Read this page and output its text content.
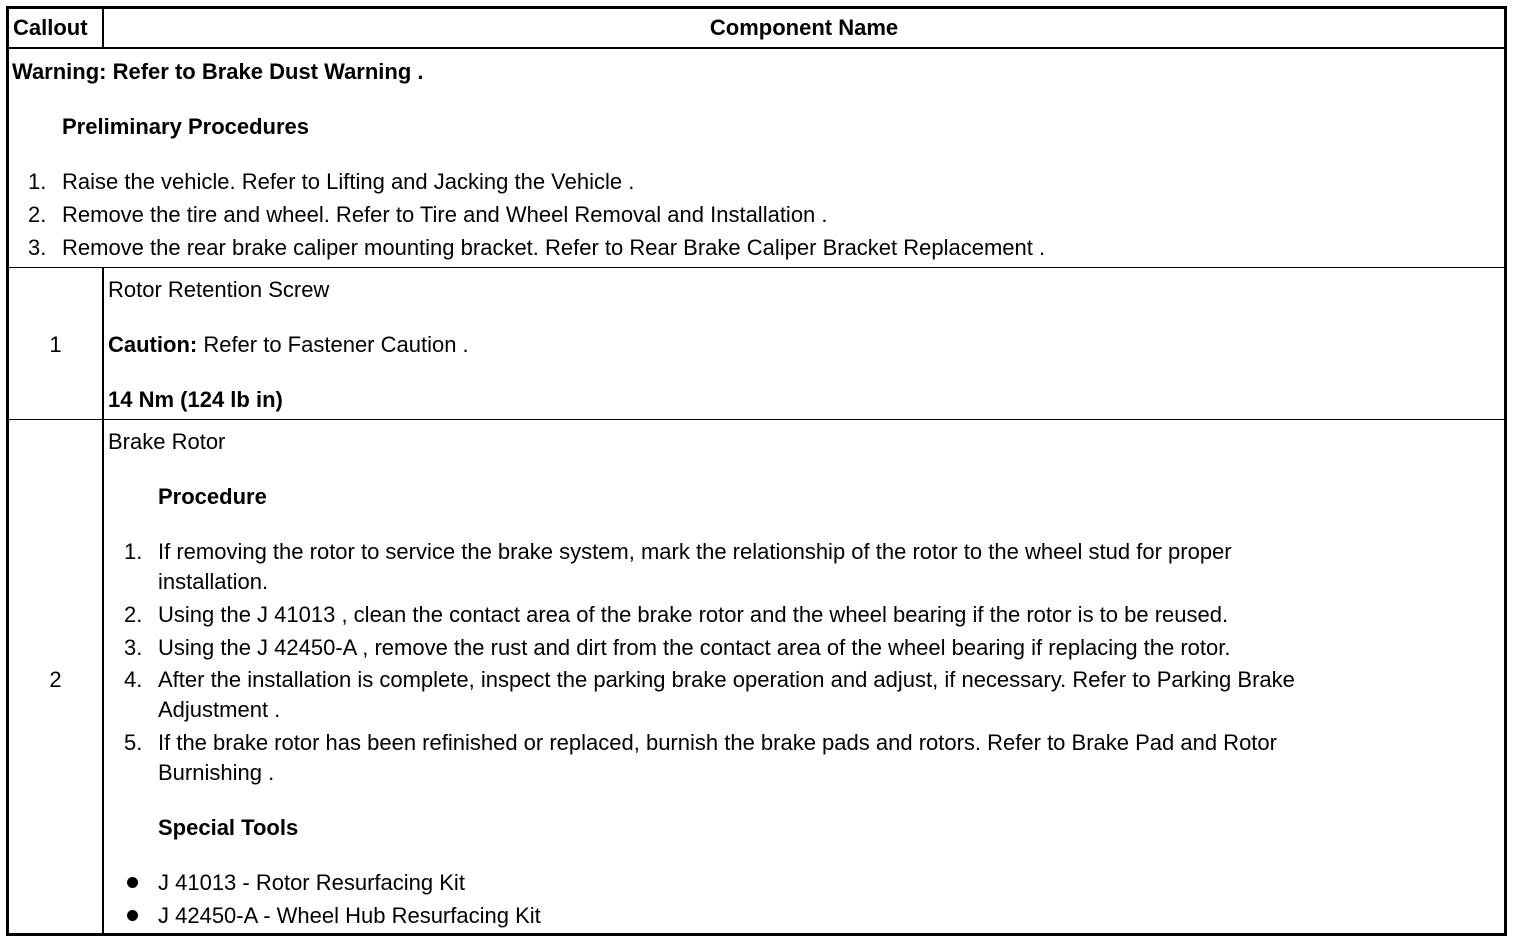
Callout	Component Name
Warning: Refer to Brake Dust Warning .
Preliminary Procedures
1. Raise the vehicle. Refer to Lifting and Jacking the Vehicle .
2. Remove the tire and wheel. Refer to Tire and Wheel Removal and Installation .
3. Remove the rear brake caliper mounting bracket. Refer to Rear Brake Caliper Bracket Replacement .
1
Rotor Retention Screw
Caution: Refer to Fastener Caution .
14 Nm (124 lb in)
2
Brake Rotor
Procedure
1. If removing the rotor to service the brake system, mark the relationship of the rotor to the wheel stud for proper
installation.
2. Using the J 41013 , clean the contact area of the brake rotor and the wheel bearing if the rotor is to be reused.
3. Using the J 42450-A , remove the rust and dirt from the contact area of the wheel bearing if replacing the rotor.
4. After the installation is complete, inspect the parking brake operation and adjust, if necessary. Refer to Parking Brake
Adjustment .
5. If the brake rotor has been refinished or replaced, burnish the brake pads and rotors. Refer to Brake Pad and Rotor
Burnishing .
Special Tools
J 41013 - Rotor Resurfacing Kit
J 42450-A - Wheel Hub Resurfacing Kit
